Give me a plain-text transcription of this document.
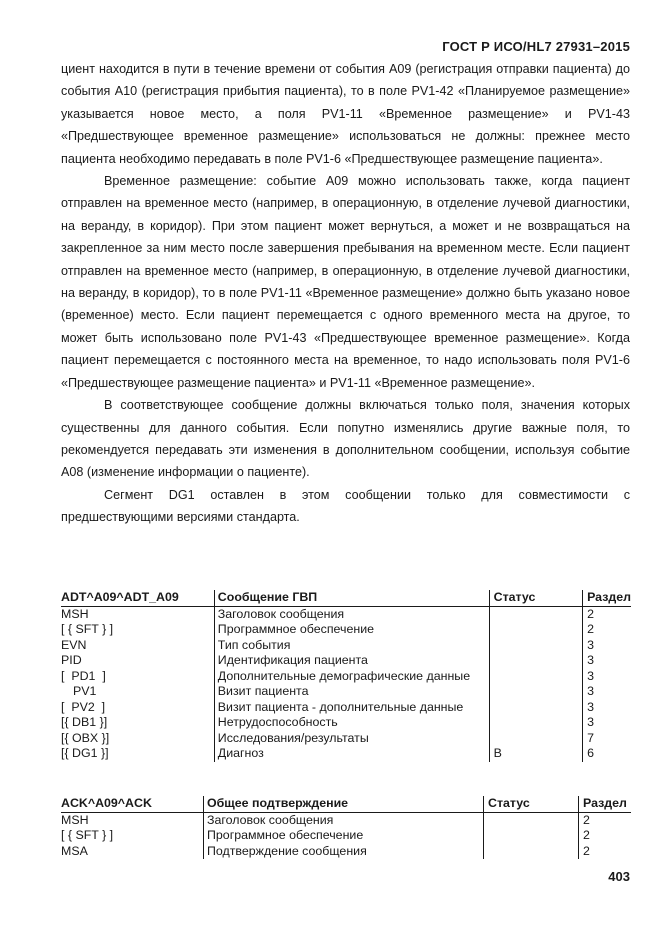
ГОСТ Р ИСО/HL7 27931–2015

циент находится в пути в течение времени от события A09 (регистрация отправки пациента) до события A10 (регистрация прибытия пациента), то в поле PV1-42 «Планируемое размещение» указывается новое место, а поля PV1-11 «Временное размещение» и PV1-43 «Предшествующее временное размещение» использоваться не должны: прежнее место пациента необходимо передавать в поле PV1-6 «Предшествующее размещение пациента».

Временное размещение: событие A09 можно использовать также, когда пациент отправлен на временное место (например, в операционную, в отделение лучевой диагностики, на веранду, в коридор). При этом пациент может вернуться, а может и не возвращаться на закрепленное за ним место после завершения пребывания на временном месте. Если пациент отправлен на временное место (например, в операционную, в отделение лучевой диагностики, на веранду, в коридор), то в поле PV1-11 «Временное размещение» должно быть указано новое (временное) место. Если пациент перемещается с одного временного места на другое, то может быть использовано поле PV1-43 «Предшествующее временное размещение». Когда пациент перемещается с постоянного места на временное, то надо использовать поля PV1-6 «Предшествующее размещение пациента» и PV1-11 «Временное размещение».

В соответствующее сообщение должны включаться только поля, значения которых существенны для данного события. Если попутно изменялись другие важные поля, то рекомендуется передавать эти изменения в дополнительном сообщении, используя событие A08 (изменение информации о пациенте).

Сегмент DG1 оставлен в этом сообщении только для совместимости с предшествующими версиями стандарта.

ADT^A09^ADT_A09	Сообщение ГВП	Статус	Раздел
MSH	Заголовок сообщения		2
[ { SFT } ]	Программное обеспечение		2
EVN	Тип события		3
PID	Идентификация пациента		3
[  PD1  ]	Дополнительные демографические данные		3
PV1	Визит пациента		3
[  PV2  ]	Визит пациента - дополнительные данные		3
[{ DB1 }]	Нетрудоспособность		3
[{ OBX }]	Исследования/результаты		7
[{ DG1 }]	Диагноз	B	6
ACK^A09^ACK	Общее подтверждение	Статус	Раздел
MSH	Заголовок сообщения		2
[ { SFT } ]	Программное обеспечение		2
MSA	Подтверждение сообщения		2
403
